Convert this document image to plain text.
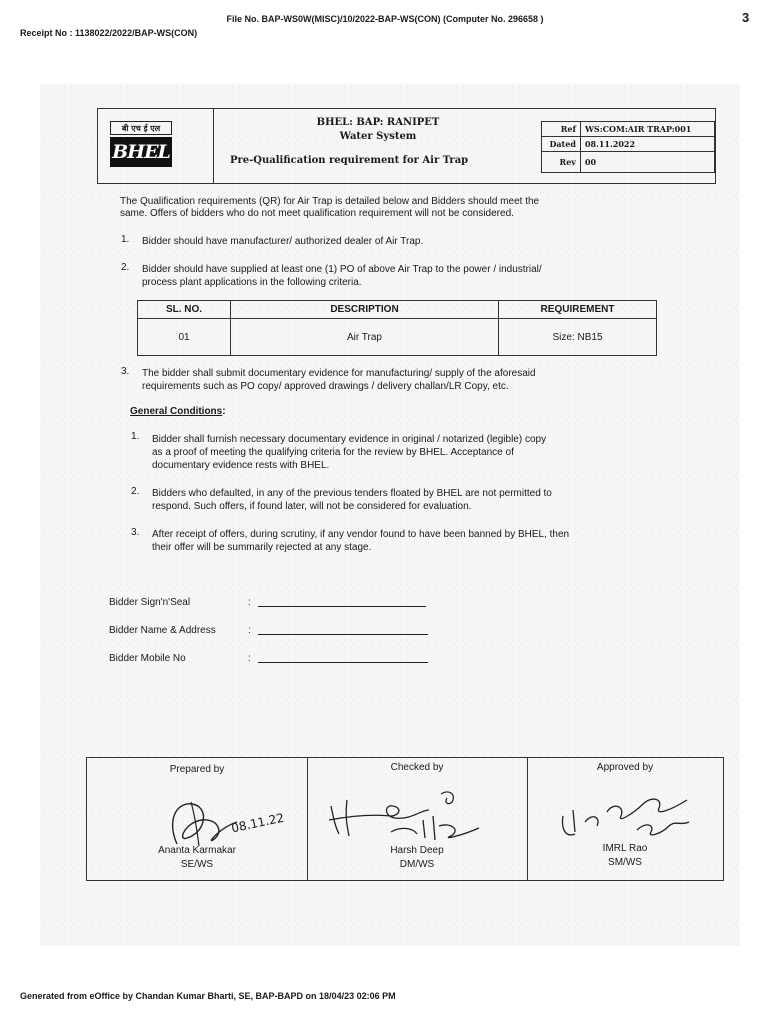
File No. BAP-WS0W(MISC)/10/2022-BAP-WS(CON) (Computer No. 296658 )	3
Receipt No : 1138022/2022/BAP-WS(CON)
बी एच ई एल
BHEL
BHEL: BAP: RANIPET
Water System
Pre-Qualification requirement for Air Trap
Ref	WS:COM:AIR TRAP:001
Dated	08.11.2022
Rev	00
The Qualification requirements (QR) for Air Trap is detailed below and Bidders should meet the
same. Offers of bidders who do not meet qualification requirement will not be considered.
1. Bidder should have manufacturer/ authorized dealer of Air Trap.
2. Bidder should have supplied at least one (1) PO of above Air Trap to the power / industrial/
process plant applications in the following criteria.
SL. NO.	DESCRIPTION	REQUIREMENT
01	Air Trap	Size: NB15
3. The bidder shall submit documentary evidence for manufacturing/ supply of the aforesaid
requirements such as PO copy/ approved drawings / delivery challan/LR Copy, etc.
General Conditions:
1. Bidder shall furnish necessary documentary evidence in original / notarized (legible) copy
as a proof of meeting the qualifying criteria for the review by BHEL. Acceptance of
documentary evidence rests with BHEL.
2. Bidders who defaulted, in any of the previous tenders floated by BHEL are not permitted to
respond. Such offers, if found later, will not be considered for evaluation.
3. After receipt of offers, during scrutiny, if any vendor found to have been banned by BHEL, then
their offer will be summarily rejected at any stage.
Bidder Sign'n'Seal	:
Bidder Name & Address	:
Bidder Mobile No	:
Prepared by
08.11.22
Ananta Karmakar
SE/WS
Checked by
Harsh Deep
DM/WS
Approved by
IMRL Rao
SM/WS
Generated from eOffice by Chandan Kumar Bharti, SE, BAP-BAPD on 18/04/23 02:06 PM
